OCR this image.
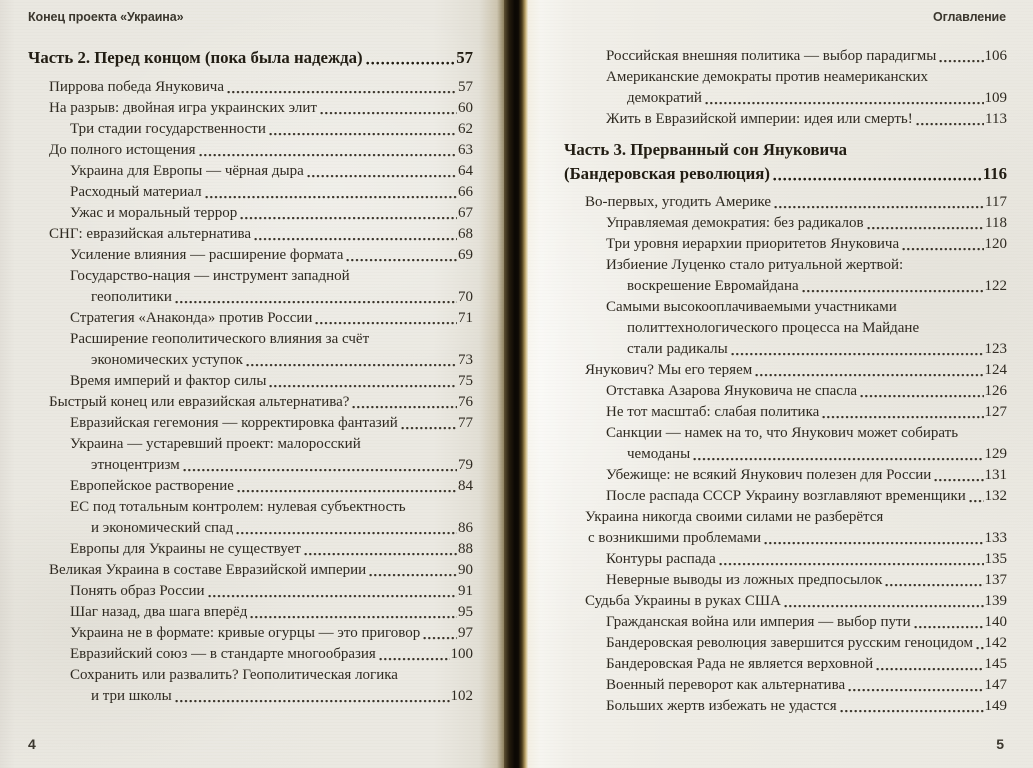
Конец проекта «Украина»
Часть 2. Перед концом (пока была надежда)	57
Пиррова победа Януковича	57
На разрыв: двойная игра украинских элит	60
Три стадии государственности	62
До полного истощения	63
Украина для Европы — чёрная дыра	64
Расходный материал	66
Ужас и моральный террор	67
СНГ: евразийская альтернатива	68
Усиление влияния — расширение формата	69
Государство-нация — инструмент западной
геополитики	70
Стратегия «Анаконда» против России	71
Расширение геополитического влияния за счёт
экономических уступок	73
Время империй и фактор силы	75
Быстрый конец или евразийская альтернатива?	76
Евразийская гегемония — корректировка фантазий	77
Украина — устаревший проект: малоросский
этноцентризм	79
Европейское растворение	84
ЕС под тотальным контролем: нулевая субъектность
и экономический спад	86
Европы для Украины не существует	88
Великая Украина в составе Евразийской империи	90
Понять образ России	91
Шаг назад, два шага вперёд	95
Украина не в формате: кривые огурцы — это приговор	97
Евразийский союз — в стандарте многообразия	100
Сохранить или развалить? Геополитическая логика
и три школы	102
4
Оглавление
Российская внешняя политика — выбор парадигмы	106
Американские демократы против неамериканских
демократий	109
Жить в Евразийской империи: идея или смерть!	113
Часть 3. Прерванный сон Януковича
(Бандеровская революция)	116
Во-первых, угодить Америке	117
Управляемая демократия: без радикалов	118
Три уровня иерархии приоритетов Януковича	120
Избиение Луценко стало ритуальной жертвой:
воскрешение Евромайдана	122
Самыми высокооплачиваемыми участниками
политтехнологического процесса на Майдане
стали радикалы	123
Янукович? Мы его теряем	124
Отставка Азарова Януковича не спасла	126
Не тот масштаб: слабая политика	127
Санкции — намек на то, что Янукович может собирать
чемоданы	129
Убежище: не всякий Янукович полезен для России	131
После распада СССР Украину возглавляют временщики 132
Украина никогда своими силами не разберётся
с возникшими проблемами	133
Контуры распада	135
Неверные выводы из ложных предпосылок	137
Судьба Украины в руках США	139
Гражданская война или империя — выбор пути	140
Бандеровская революция завершится русским геноцидом 142
Бандеровская Рада не является верховной	145
Военный переворот как альтернатива	147
Больших жертв избежать не удастся	149
5
